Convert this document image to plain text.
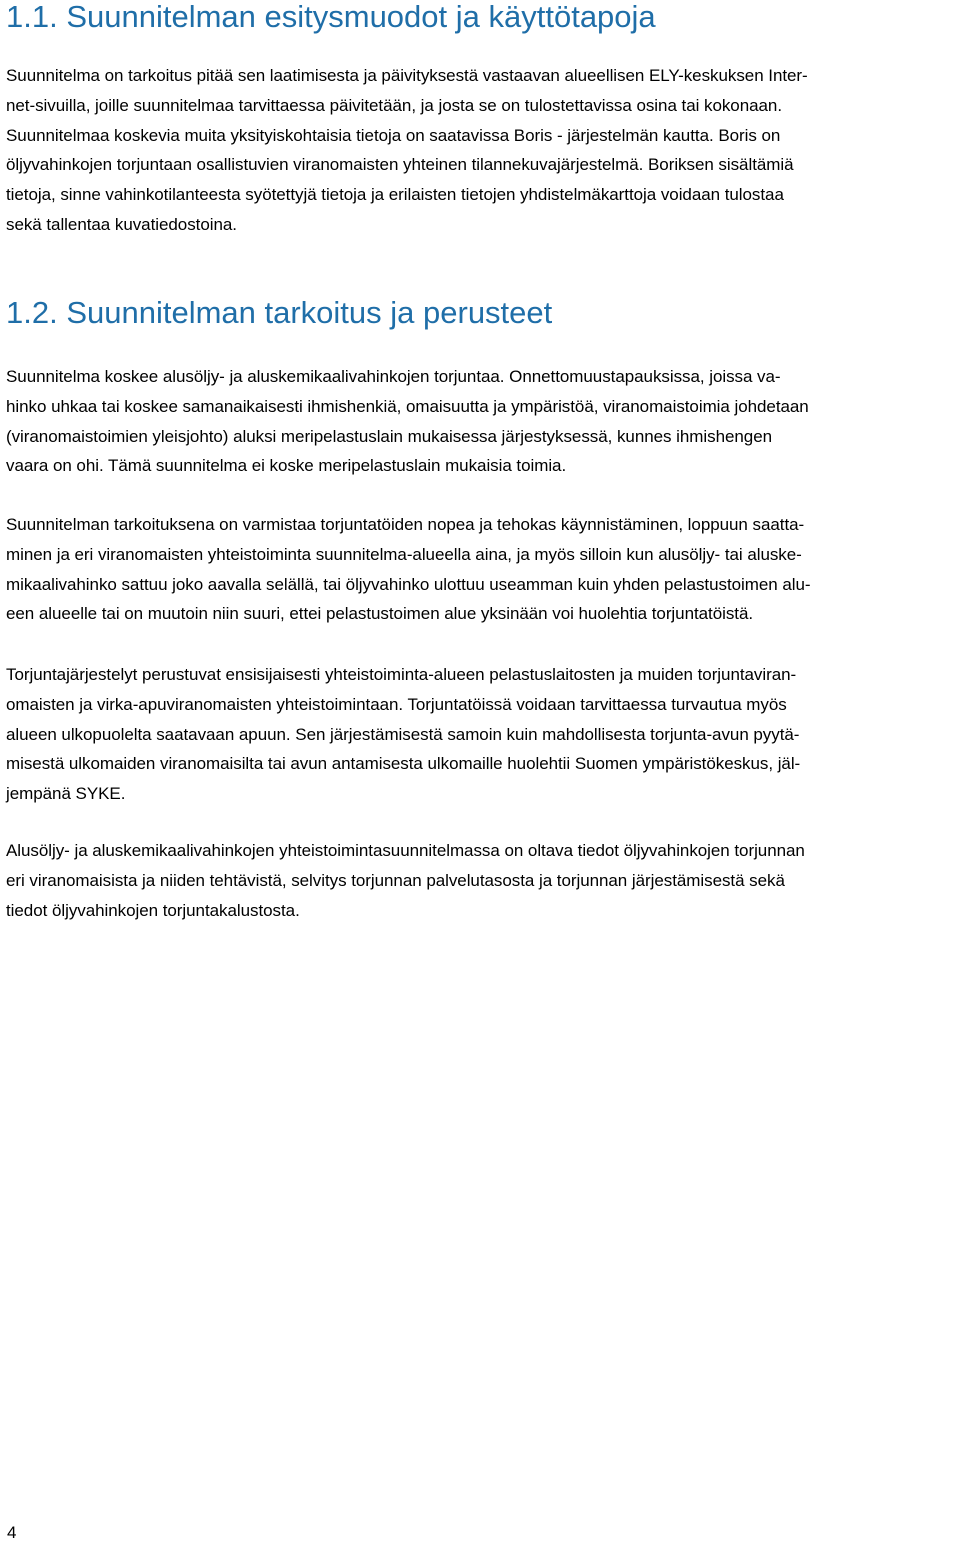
1.1. Suunnitelman esitysmuodot ja käyttötapoja

Suunnitelma on tarkoitus pitää sen laatimisesta ja päivityksestä vastaavan alueellisen ELY-keskuksen Inter-
net-sivuilla, joille suunnitelmaa tarvittaessa päivitetään, ja josta se on tulostettavissa osina tai kokonaan.
Suunnitelmaa koskevia muita yksityiskohtaisia tietoja on saatavissa Boris - järjestelmän kautta. Boris on
öljyvahinkojen torjuntaan osallistuvien viranomaisten yhteinen tilannekuvajärjestelmä. Boriksen sisältämiä
tietoja, sinne vahinkotilanteesta syötettyjä tietoja ja erilaisten tietojen yhdistelmäkarttoja voidaan tulostaa
sekä tallentaa kuvatiedostoina.

1.2. Suunnitelman tarkoitus ja perusteet

Suunnitelma koskee alusöljy- ja aluskemikaalivahinkojen torjuntaa. Onnettomuustapauksissa, joissa va-
hinko uhkaa tai koskee samanaikaisesti ihmishenkiä, omaisuutta ja ympäristöä, viranomaistoimia johdetaan
(viranomaistoimien yleisjohto) aluksi meripelastuslain mukaisessa järjestyksessä, kunnes ihmishengen
vaara on ohi. Tämä suunnitelma ei koske meripelastuslain mukaisia toimia.

Suunnitelman tarkoituksena on varmistaa torjuntatöiden nopea ja tehokas käynnistäminen, loppuun saatta-
minen ja eri viranomaisten yhteistoiminta suunnitelma-alueella aina, ja myös silloin kun alusöljy- tai aluske-
mikaalivahinko sattuu joko aavalla selällä, tai öljyvahinko ulottuu useamman kuin yhden pelastustoimen alu-
een alueelle tai on muutoin niin suuri, ettei pelastustoimen alue yksinään voi huolehtia torjuntatöistä.

Torjuntajärjestelyt perustuvat ensisijaisesti yhteistoiminta-alueen pelastuslaitosten ja muiden torjuntaviran-
omaisten ja virka-apuviranomaisten yhteistoimintaan. Torjuntatöissä voidaan tarvittaessa turvautua myös
alueen ulkopuolelta saatavaan apuun. Sen järjestämisestä samoin kuin mahdollisesta torjunta-avun pyytä-
misestä ulkomaiden viranomaisilta tai avun antamisesta ulkomaille huolehtii Suomen ympäristökeskus, jäl-
jempänä SYKE.

Alusöljy- ja aluskemikaalivahinkojen yhteistoimintasuunnitelmassa on oltava tiedot öljyvahinkojen torjunnan
eri viranomaisista ja niiden tehtävistä, selvitys torjunnan palvelutasosta ja torjunnan järjestämisestä sekä
tiedot öljyvahinkojen torjuntakalustosta.

4
